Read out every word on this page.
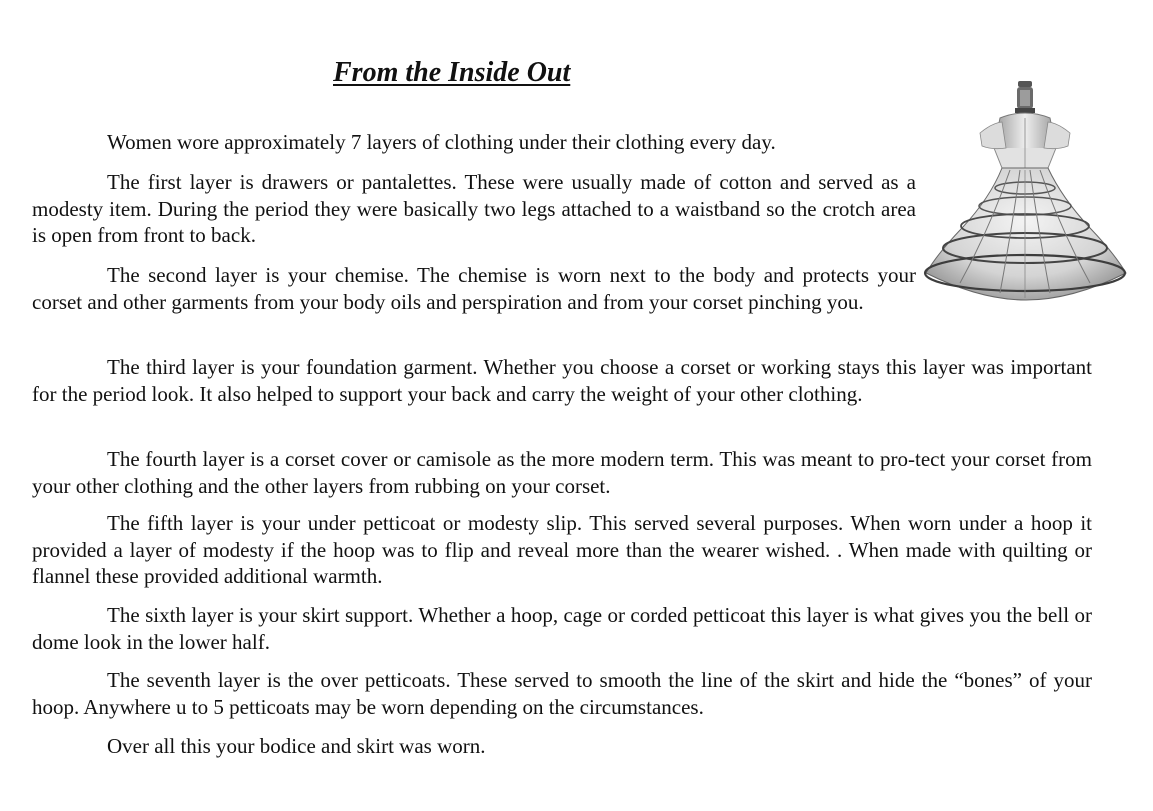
From the Inside Out

Women wore approximately 7 layers of clothing under their clothing every day.

The first layer is drawers or pantalettes. These were usually made of cotton and served as a modesty item. During the period they were basically two legs attached to a waistband so the crotch area is open from front to back.

The second layer is your chemise. The chemise is worn next to the body and protects your corset and other garments from your body oils and perspiration and from your corset pinching you.

The third layer is your foundation garment. Whether you choose a corset or working stays this layer was important for the period look. It also helped to support your back and carry the weight of your other clothing.

The fourth layer is a corset cover or camisole as the more modern term. This was meant to pro-tect your corset from your other clothing and the other layers from rubbing on your corset.

The fifth layer is your under petticoat or modesty slip. This served several purposes. When worn under a hoop it provided a layer of modesty if the hoop was to flip and reveal more than the wearer wished. . When made with quilting or flannel these provided additional warmth.

The sixth layer is your skirt support. Whether a hoop, cage or corded petticoat this layer is what gives you the bell or dome look in the lower half.

The seventh layer is the over petticoats. These served to smooth the line of the skirt and hide the “bones” of your hoop. Anywhere u to 5 petticoats may be worn depending on the circumstances.

Over all this your bodice and skirt was worn.
